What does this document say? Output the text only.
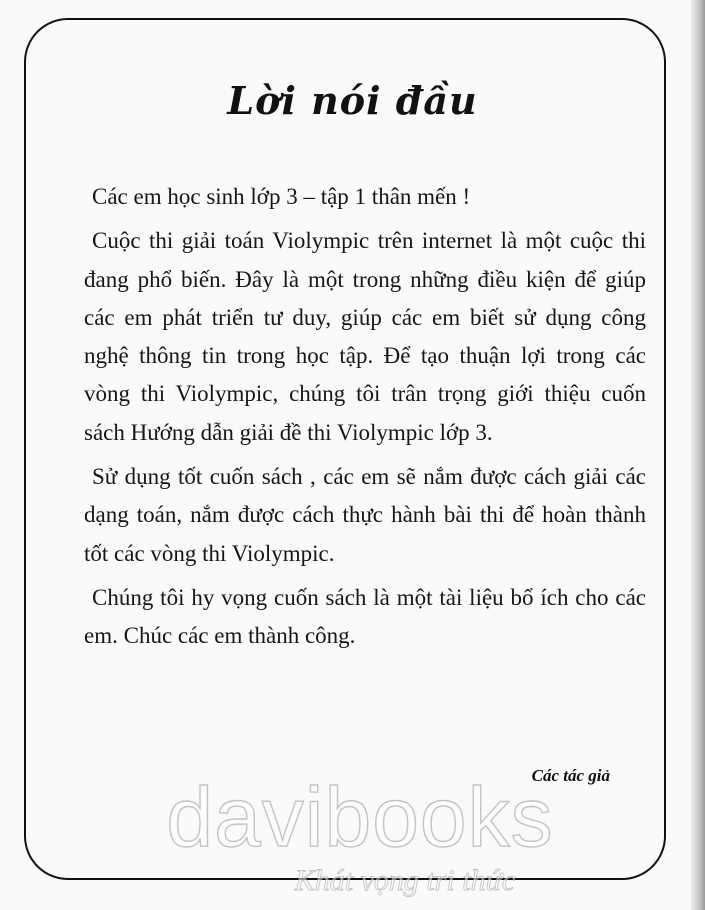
Lời nói đầu

Các em học sinh lớp 3 – tập 1 thân mến !

Cuộc thi giải toán Violympic trên internet là một cuộc thi đang phổ biến. Đây là một trong những điều kiện để giúp các em phát triển tư duy, giúp các em biết sử dụng công nghệ thông tin trong học tập. Để tạo thuận lợi trong các vòng thi Violympic, chúng tôi trân trọng giới thiệu cuốn sách Hướng dẫn giải đề thi Violympic lớp 3.

Sử dụng tốt cuốn sách , các em sẽ nắm được cách giải các dạng toán, nắm được cách thực hành bài thi để hoàn thành tốt các vòng thi Violympic.

Chúng tôi hy vọng cuốn sách là một tài liệu bổ ích cho các em. Chúc các em thành công.

Các tác giả
davibooks
Khát vọng tri thức
